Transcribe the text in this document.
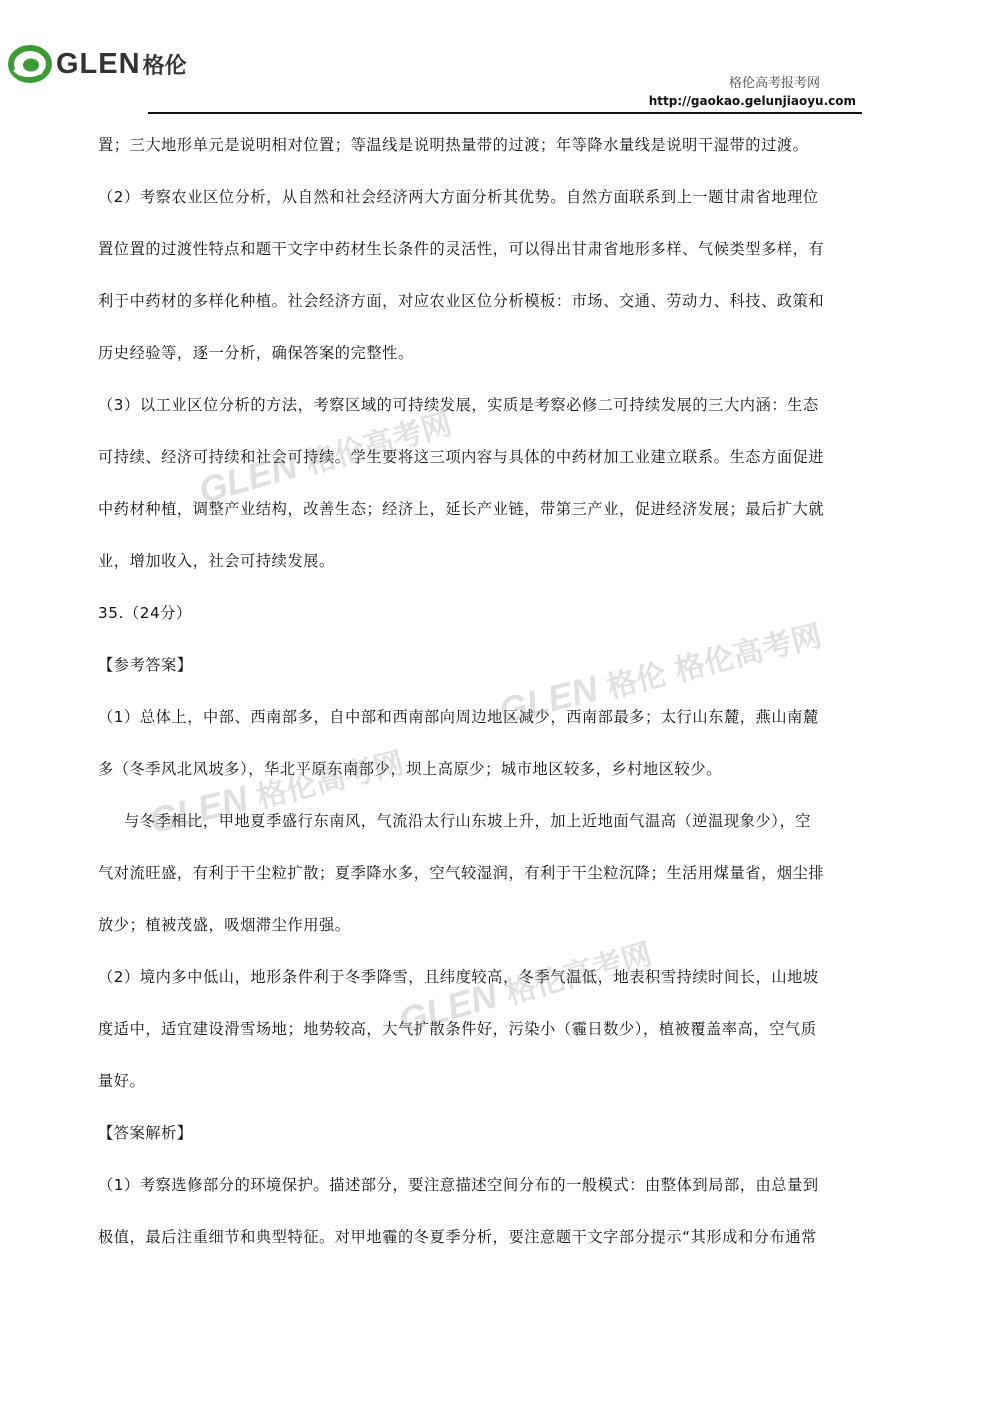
GLEN 格伦
格伦高考报考网
http://gaokao.gelunjiaoyu.com
置；三大地形单元是说明相对位置；等温线是说明热量带的过渡；年等降水量线是说明干湿带的过渡。
（2）考察农业区位分析，从自然和社会经济两大方面分析其优势。自然方面联系到上一题甘肃省地理位
置位置的过渡性特点和题干文字中药材生长条件的灵活性，可以得出甘肃省地形多样、气候类型多样，有
利于中药材的多样化种植。社会经济方面，对应农业区位分析模板：市场、交通、劳动力、科技、政策和
历史经验等，逐一分析，确保答案的完整性。
（3）以工业区位分析的方法，考察区域的可持续发展，实质是考察必修二可持续发展的三大内涵：生态
可持续、经济可持续和社会可持续。学生要将这三项内容与具体的中药材加工业建立联系。生态方面促进
中药材种植，调整产业结构，改善生态；经济上，延长产业链，带第三产业，促进经济发展；最后扩大就
业，增加收入，社会可持续发展。
35.（24分）
【参考答案】
（1）总体上，中部、西南部多，自中部和西南部向周边地区减少，西南部最多；太行山东麓，燕山南麓
多（冬季风北风坡多），华北平原东南部少，坝上高原少；城市地区较多，乡村地区较少。
与冬季相比，甲地夏季盛行东南风，气流沿太行山东坡上升，加上近地面气温高（逆温现象少），空
气对流旺盛，有利于干尘粒扩散；夏季降水多，空气较湿润，有利于干尘粒沉降；生活用煤量省，烟尘排
放少；植被茂盛，吸烟滞尘作用强。
（2）境内多中低山，地形条件利于冬季降雪，且纬度较高，冬季气温低，地表积雪持续时间长，山地坡
度适中，适宜建设滑雪场地；地势较高，大气扩散条件好，污染小（霾日数少），植被覆盖率高，空气质
量好。
【答案解析】
（1）考察选修部分的环境保护。描述部分，要注意描述空间分布的一般模式：由整体到局部，由总量到
极值，最后注重细节和典型特征。对甲地霾的冬夏季分析，要注意题干文字部分提示“其形成和分布通常
GLEN 格伦高考网
GLEN 格伦 格伦高考网
GLEN 格伦高考网
GLEN 格伦高考网
